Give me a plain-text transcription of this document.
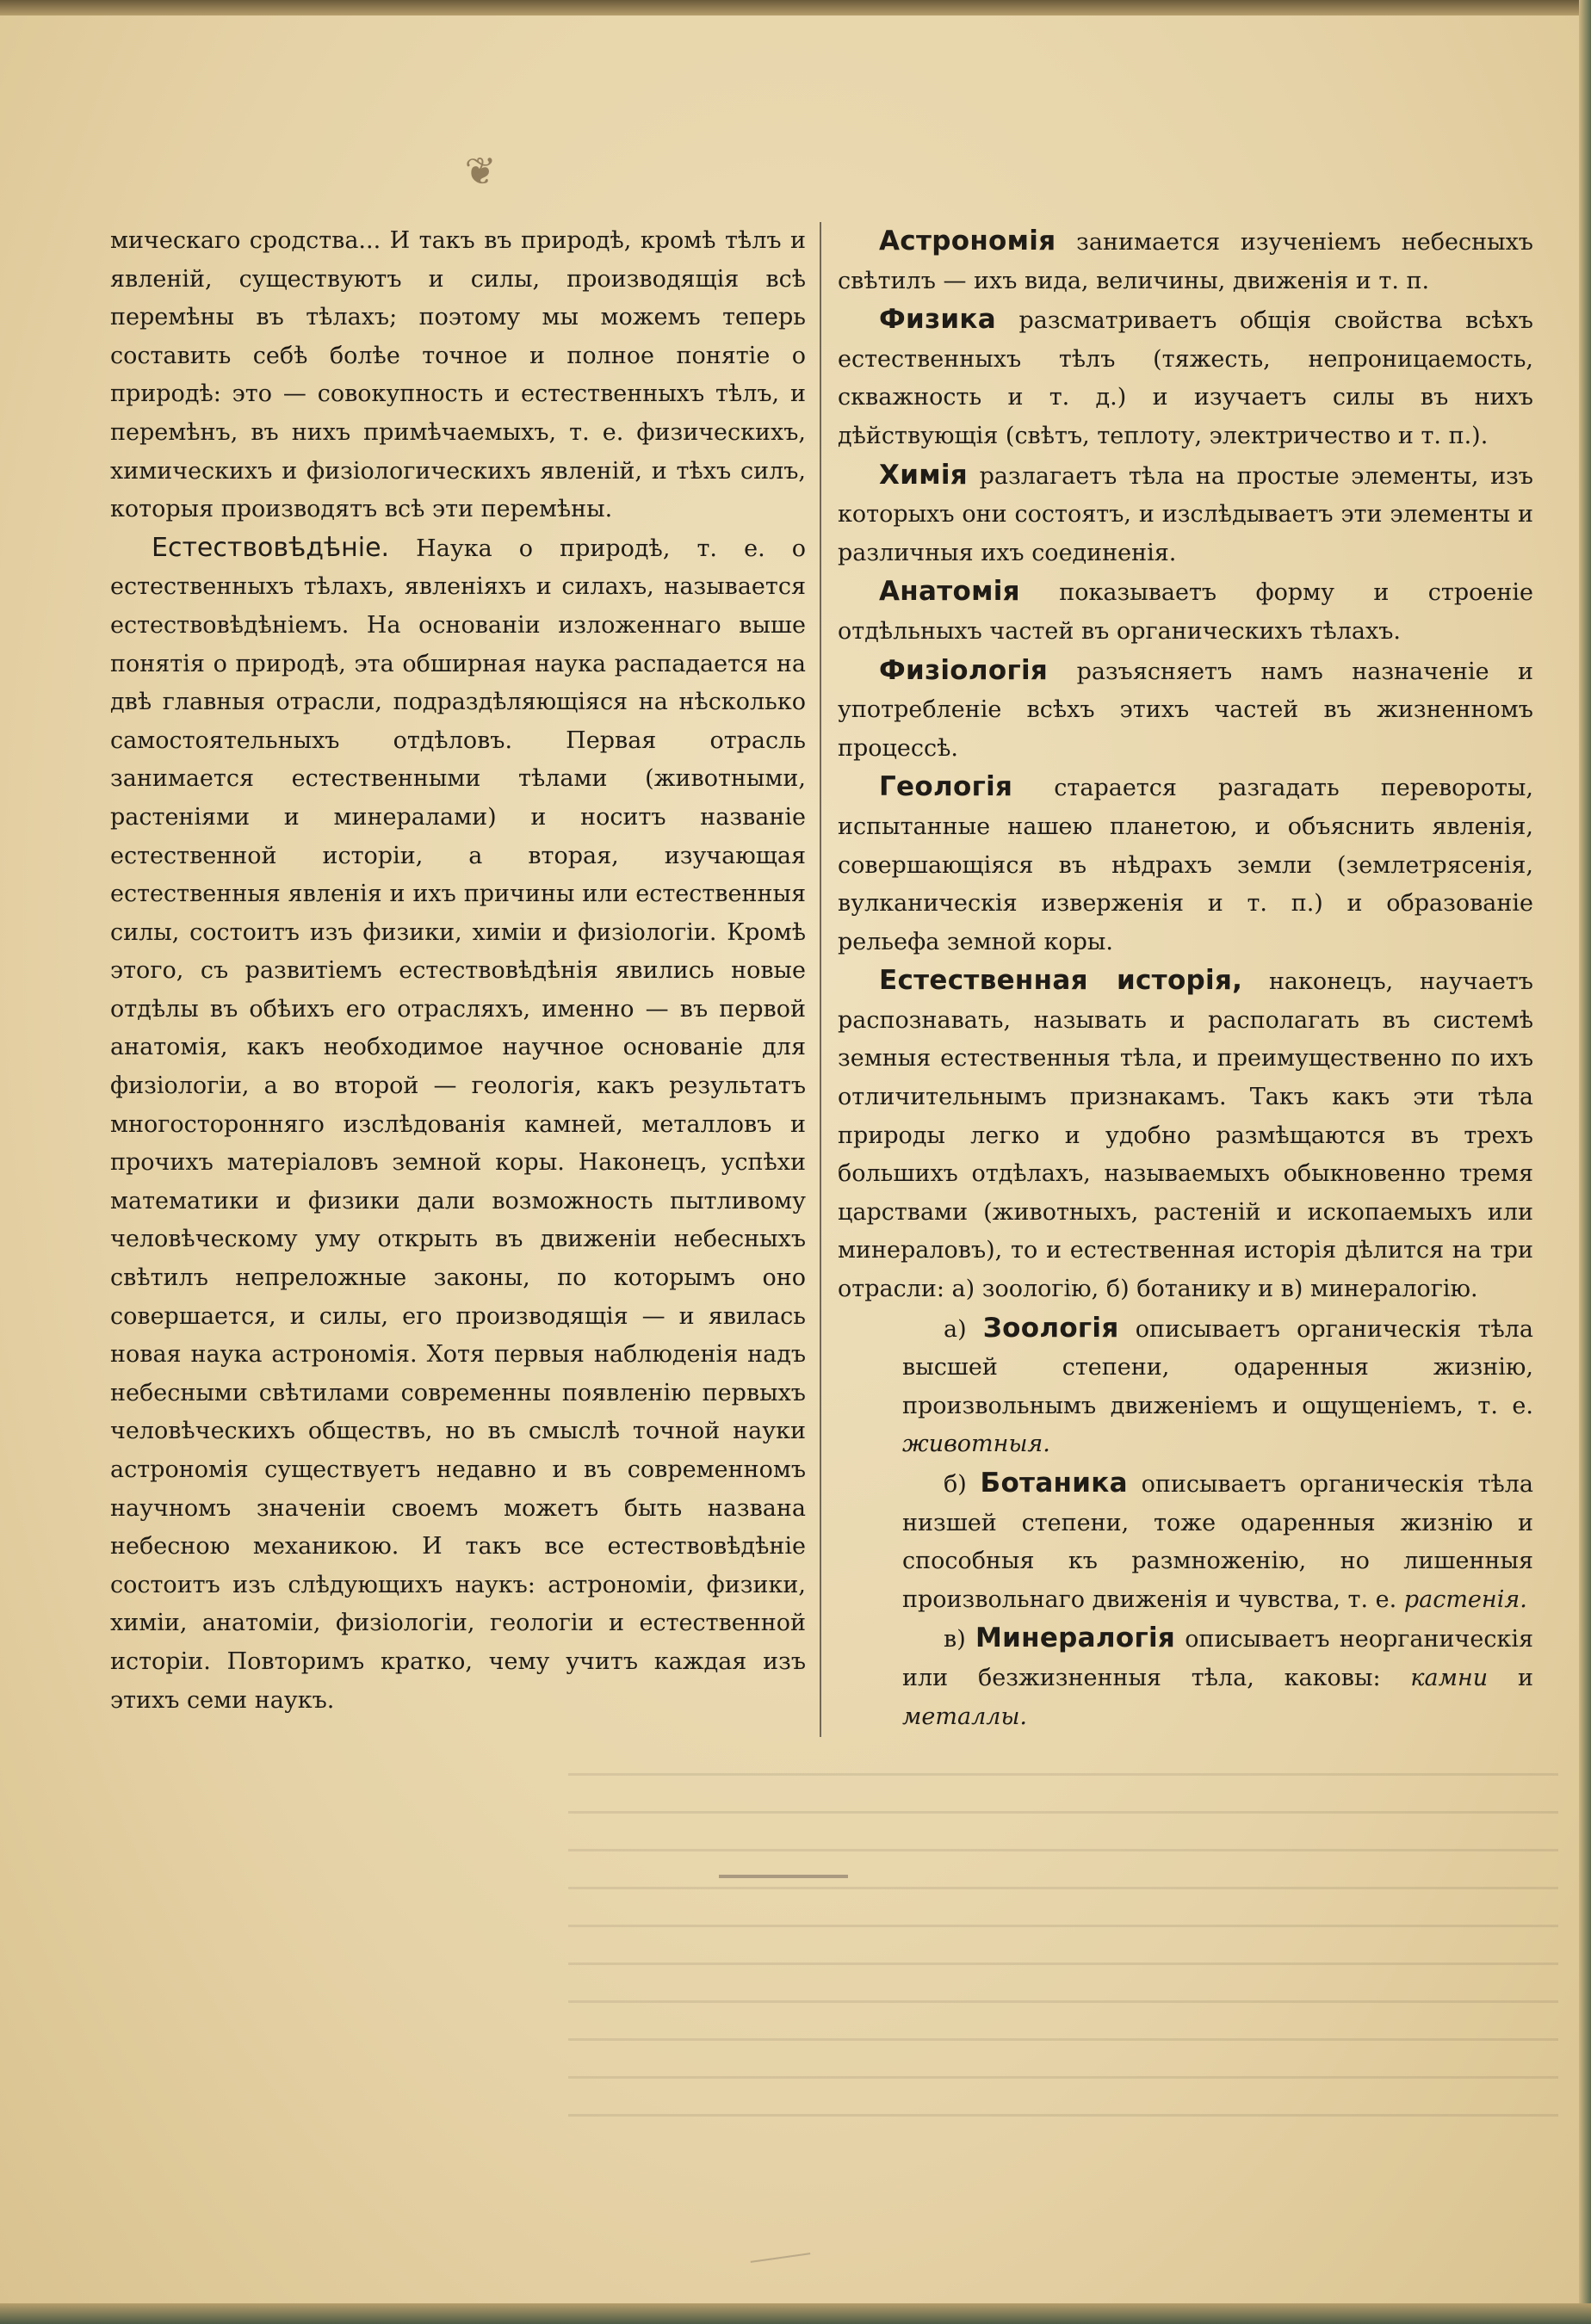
❦

мическаго сродства... И такъ въ природѣ, кромѣ тѣлъ и явленій, существуютъ и силы, производящія всѣ перемѣны въ тѣлахъ; поэтому мы можемъ теперь составить себѣ болѣе точное и полное понятіе о природѣ: это — совокупность и естественныхъ тѣлъ, и перемѣнъ, въ нихъ примѣчаемыхъ, т. е. физическихъ, химическихъ и физіологическихъ явленій, и тѣхъ силъ, которыя производятъ всѣ эти перемѣны.

Естествовѣдѣніе. Наука о природѣ, т. е. о естественныхъ тѣлахъ, явленіяхъ и силахъ, называется естествовѣдѣніемъ. На основаніи изложеннаго выше понятія о природѣ, эта обширная наука распадается на двѣ главныя отрасли, подраздѣляющіяся на нѣсколько самостоятельныхъ отдѣловъ. Первая отрасль занимается естественными тѣлами (животными, растеніями и минералами) и носитъ названіе естественной исторіи, а вторая, изучающая естественныя явленія и ихъ причины или естественныя силы, состоитъ изъ физики, химіи и физіологіи. Кромѣ этого, съ развитіемъ естествовѣдѣнія явились новые отдѣлы въ обѣихъ его отрасляхъ, именно — въ первой анатомія, какъ необходимое научное основаніе для физіологіи, а во второй — геологія, какъ результатъ многосторонняго изслѣдованія камней, металловъ и прочихъ матеріаловъ земной коры. Наконецъ, успѣхи математики и физики дали возможность пытливому человѣческому уму открыть въ движеніи небесныхъ свѣтилъ непреложные законы, по которымъ оно совершается, и силы, его производящія — и явилась новая наука астрономія. Хотя первыя наблюденія надъ небесными свѣтилами современны появленію первыхъ человѣческихъ обществъ, но въ смыслѣ точной науки астрономія существуетъ недавно и въ современномъ научномъ значеніи своемъ можетъ быть названа небесною механикою. И такъ все естествовѣдѣніе состоитъ изъ слѣдующихъ наукъ: астрономіи, физики, химіи, анатоміи, физіологіи, геологіи и естественной исторіи. Повторимъ кратко, чему учитъ каждая изъ этихъ семи наукъ.

Астрономія занимается изученіемъ небесныхъ свѣтилъ — ихъ вида, величины, движенія и т. п.

Физика разсматриваетъ общія свойства всѣхъ естественныхъ тѣлъ (тяжесть, непроницаемость, скважность и т. д.) и изучаетъ силы въ нихъ дѣйствующія (свѣтъ, теплоту, электричество и т. п.).

Химія разлагаетъ тѣла на простые элементы, изъ которыхъ они состоятъ, и изслѣдываетъ эти элементы и различныя ихъ соединенія.

Анатомія показываетъ форму и строеніе отдѣльныхъ частей въ органическихъ тѣлахъ.

Физіологія разъясняетъ намъ назначеніе и употребленіе всѣхъ этихъ частей въ жизненномъ процессѣ.

Геологія старается разгадать перевороты, испытанные нашею планетою, и объяснить явленія, совершающіяся въ нѣдрахъ земли (землетрясенія, вулканическія изверженія и т. п.) и образованіе рельефа земной коры.

Естественная исторія, наконецъ, научаетъ распознавать, называть и располагать въ системѣ земныя естественныя тѣла, и преимущественно по ихъ отличительнымъ признакамъ. Такъ какъ эти тѣла природы легко и удобно размѣщаются въ трехъ большихъ отдѣлахъ, называемыхъ обыкновенно тремя царствами (животныхъ, растеній и ископаемыхъ или минераловъ), то и естественная исторія дѣлится на три отрасли: а) зоологію, б) ботанику и в) минералогію.

а) Зоологія описываетъ органическія тѣла высшей степени, одаренныя жизнію, произвольнымъ движеніемъ и ощущеніемъ, т. е. животныя.

б) Ботаника описываетъ органическія тѣла низшей степени, тоже одаренныя жизнію и способныя къ размноженію, но лишенныя произвольнаго движенія и чувства, т. е. растенія.

в) Минералогія описываетъ неорганическія или безжизненныя тѣла, каковы: камни и металлы.
